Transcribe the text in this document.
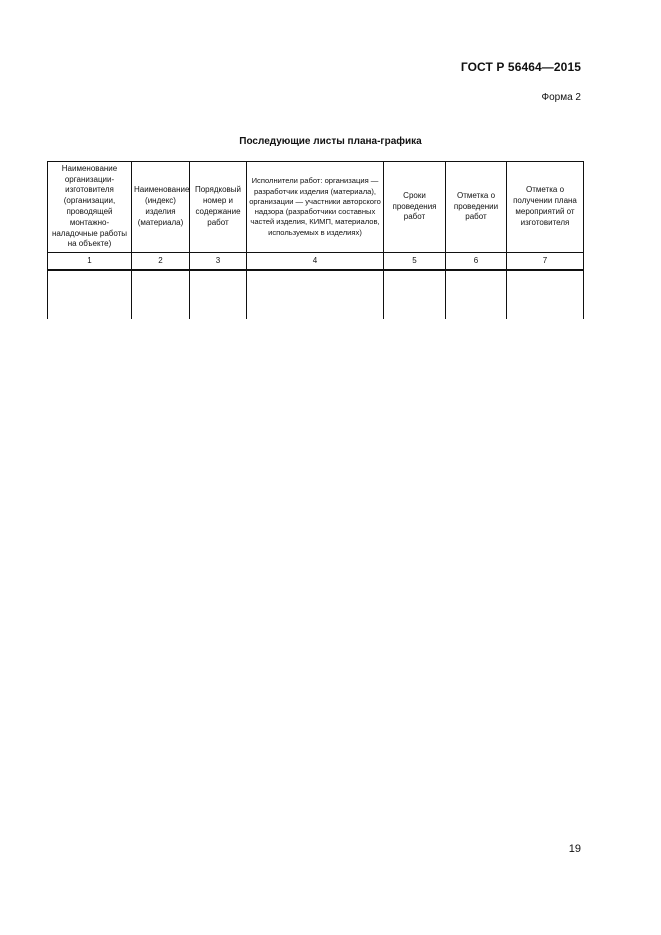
ГОСТ Р 56464—2015
Форма 2
Последующие листы плана-графика
Наименование организации-изготовителя (организации, проводящей монтажно-наладочные работы на объекте)	Наименование (индекс) изделия (материала)	Порядковый номер и содержание работ	Исполнители работ: организация — разработчик изделия (материала), организации — участники авторского надзора (разработчики составных частей изделия, КИМП, материалов, используемых в изделиях)	Сроки проведения работ	Отметка о проведении работ	Отметка о получении плана мероприятий от изготовителя
1	2	3	4	5	6	7

19
